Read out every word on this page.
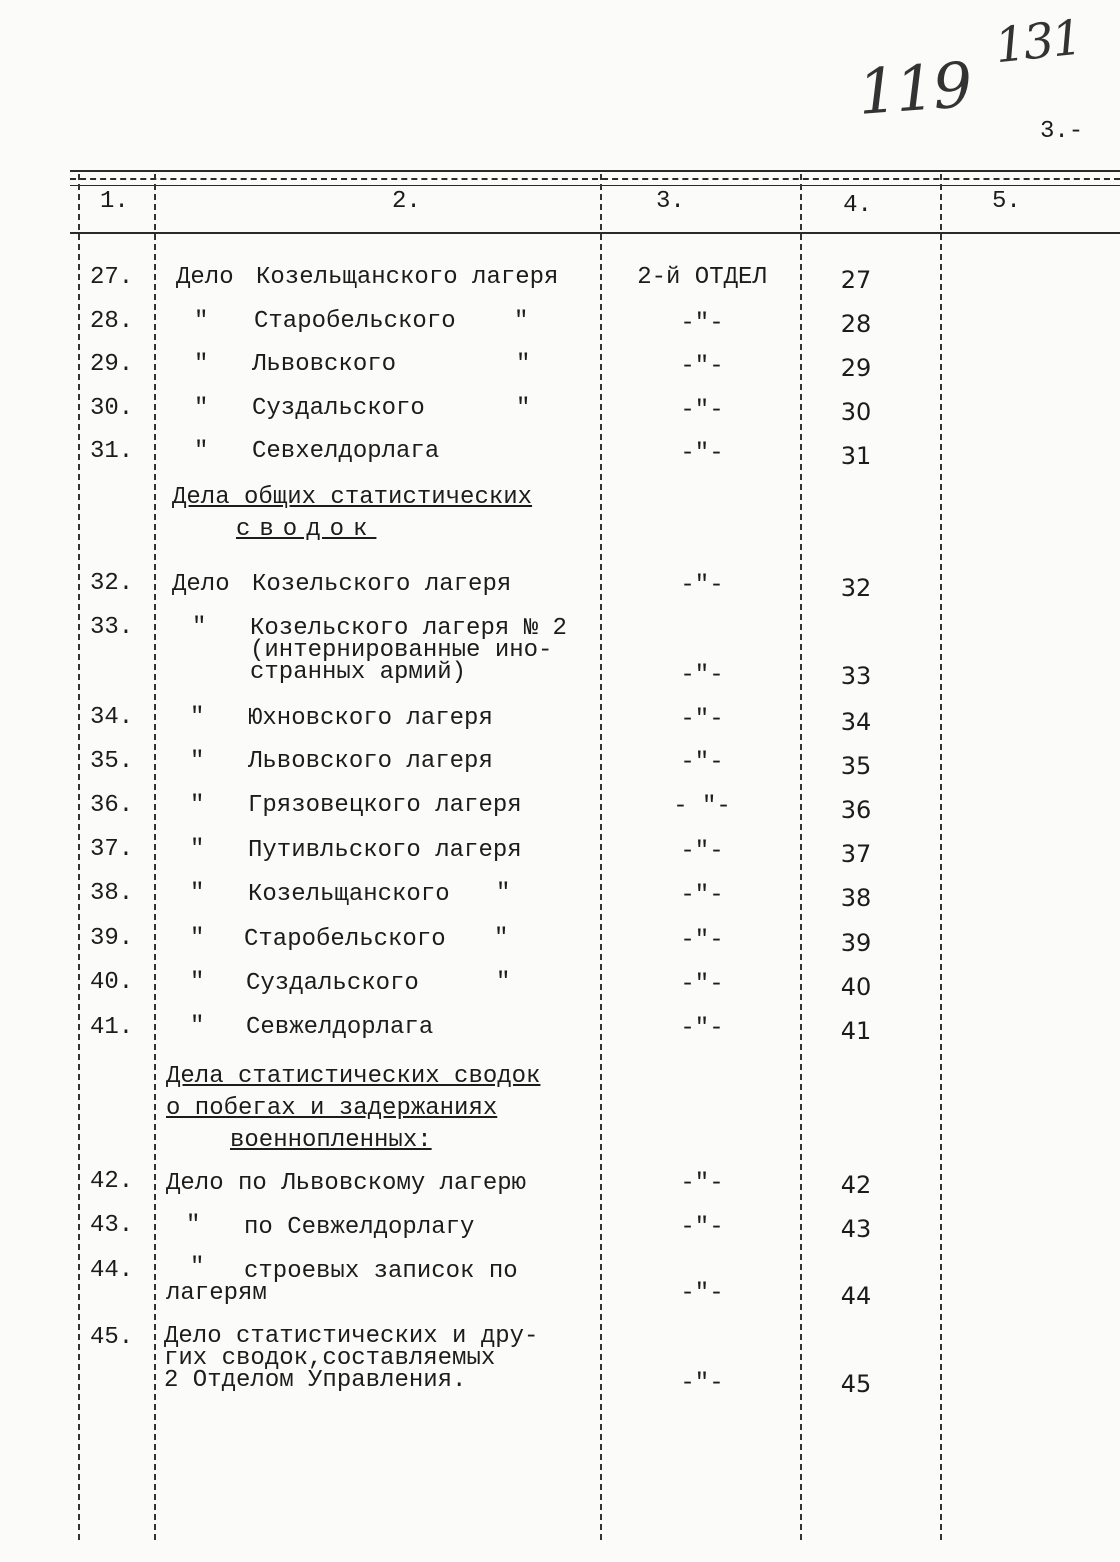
131
119
3.-
1.	2.	3.	4.	5.
27. Дело Козельщанского лагеря	2-й ОТДЕЛ	27
28.	" Старобельского "	-"-	28
29.	" Львовского	"	-"-	29
30.	" Суздальского	"	-"-	30
31.	" Севхелдорлага	-"-	31
Дела общих статистических
сводок
32. Дело Козельского лагеря	-"-	32
33. " Козельского лагеря № 2
(интернированные ино-
странных армий)	-"-	33
34. " Юхновского лагеря	-"-	34
35. " Львовского лагеря	-"-	35
36. " Грязовецкого лагеря	- "-	36
37. " Путивльского лагеря	-"-	37
38. " Козельщанского "	-"-	38
39. " Старобельского "	-"-	39
40. " Суздальского	"	-"-	40
41. " Севжелдорлага	-"-	41
Дела статистических сводок
о побегах и задержаниях
военнопленных:
42. Дело по Львовскому лагерю	-"-	42
43. " по Севжелдорлагу	-"-	43
44. " строевых записок по
лагерям	-"-	44
45. Дело статистических и дру-
гих сводок,составляемых
2 Отделом Управления.	-"-	45
